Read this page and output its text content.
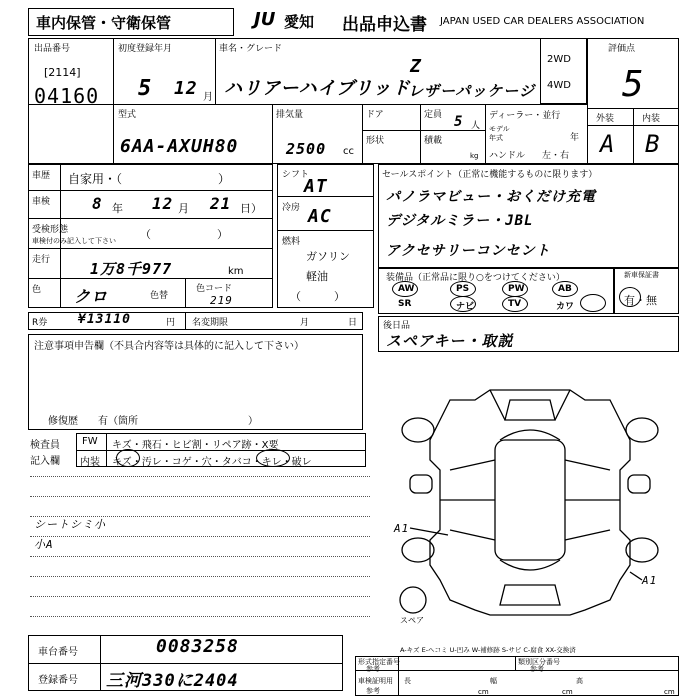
車内保管・守衛保管	JU 愛知 出品申込書 JAPAN USED CAR DEALERS ASSOCIATION
出品番号
[2114]
04160
初度登録年月
5 12 月
車名・グレード
ハリアーハイブリッド
Z
レザーパッケージ
2WD
4WD
評価点
5
外装	内装
A B
型式
6AA-AXUH80
排気量
2500 cc
ドア
形状
定員 5 人
積載
kg
ディーラー・並行
モデル
年式	年
ハンドル 左・右
車歴 自家用・（　　　　　　　　）
車検	8 年 12 月 21 日）
受検形態
車検付のみ記入して下さい （　　　　　　）
走行	1万8千977	km
色 クロ	色替
色コード
219
シフト
AT
冷房 AC
燃料
ガソリン
軽油
（　　　）
セールスポイント（正常に機能するものに限ります）
パノラマビュー・おくだけ充電
デジタルミラー・JBL
アクセサリーコンセント
装備品（正常品に限り○をつけてください）
AW	PS	PW	AB
SR	ナビ	TV	カワ
新車保証書
有・無
R券 ¥13110	円 名変期限	月	日
注意事項申告欄（不具合内容等は具体的に記入して下さい）
修復歴　　有（箇所　　　　　　　　　　　）
後日品
スペアキー・取説
検査員
記入欄
FW キズ・飛石・ヒビ割・リペア跡・X要
内装 キズ・汚レ・コゲ・穴・タバコ・キレ・破レ
シートシミ小
小A
車台番号	0083258
登録番号 三河330に2404
A1
A1
スペア
A-キズ E-ヘコミ U-凹み W-補修跡 S-サビ C-腐食 XX-交換済
形式指定番号
参考
類別区分番号
参考
車検証明用
参考
長	幅	高
cm	cm	cm
